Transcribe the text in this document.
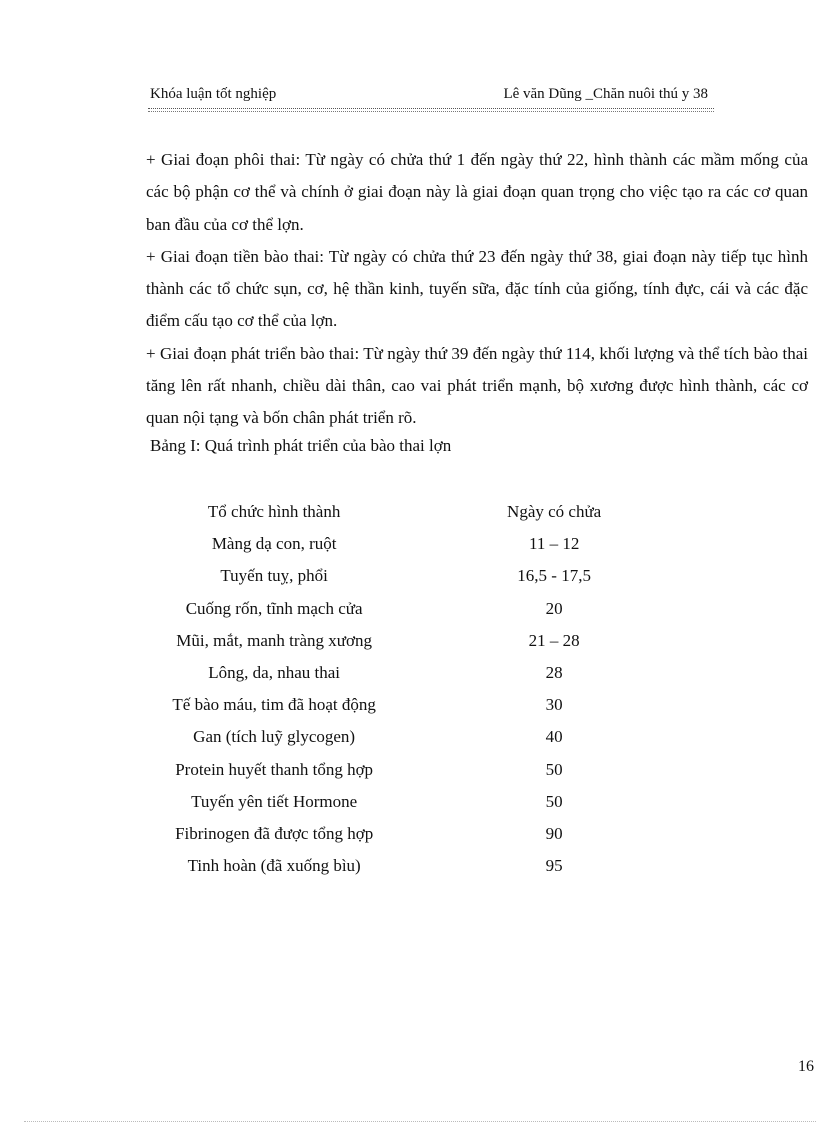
Khóa luận tốt nghiệp	Lê văn Dũng _Chăn nuôi thú y 38

+ Giai đoạn phôi thai: Từ ngày có chửa thứ 1 đến ngày thứ 22, hình thành các mầm mống của các bộ phận cơ thể và chính ở giai đoạn này là giai đoạn quan trọng cho việc tạo ra các cơ quan ban đầu của cơ thể lợn.

+ Giai đoạn tiền bào thai: Từ ngày có chửa thứ 23 đến ngày thứ 38, giai đoạn này tiếp tục hình thành các tổ chức sụn, cơ, hệ thần kinh, tuyến sữa, đặc tính của giống, tính đực, cái và các đặc điểm cấu tạo cơ thể của lợn.

+ Giai đoạn phát triển bào thai: Từ ngày thứ 39 đến ngày thứ 114, khối lượng và thể tích bào thai tăng lên rất nhanh, chiều dài thân, cao vai phát triển mạnh, bộ xương được hình thành, các cơ quan nội tạng và bốn chân phát triển rõ.

Bảng I: Quá trình phát triển của bào thai lợn
Tổ chức hình thành	Ngày có chửa
Màng dạ con, ruột	11 – 12
Tuyến tuỵ, phổi	16,5 - 17,5
Cuống rốn, tĩnh mạch cửa	20
Mũi, mắt, manh tràng xương	21 – 28
Lông, da, nhau thai	28
Tế bào máu, tim đã hoạt động	30
Gan (tích luỹ glycogen)	40
Protein huyết thanh tổng hợp	50
Tuyến yên tiết Hormone	50
Fibrinogen đã được tổng hợp	90
Tinh hoàn (đã xuống bìu)	95
16
